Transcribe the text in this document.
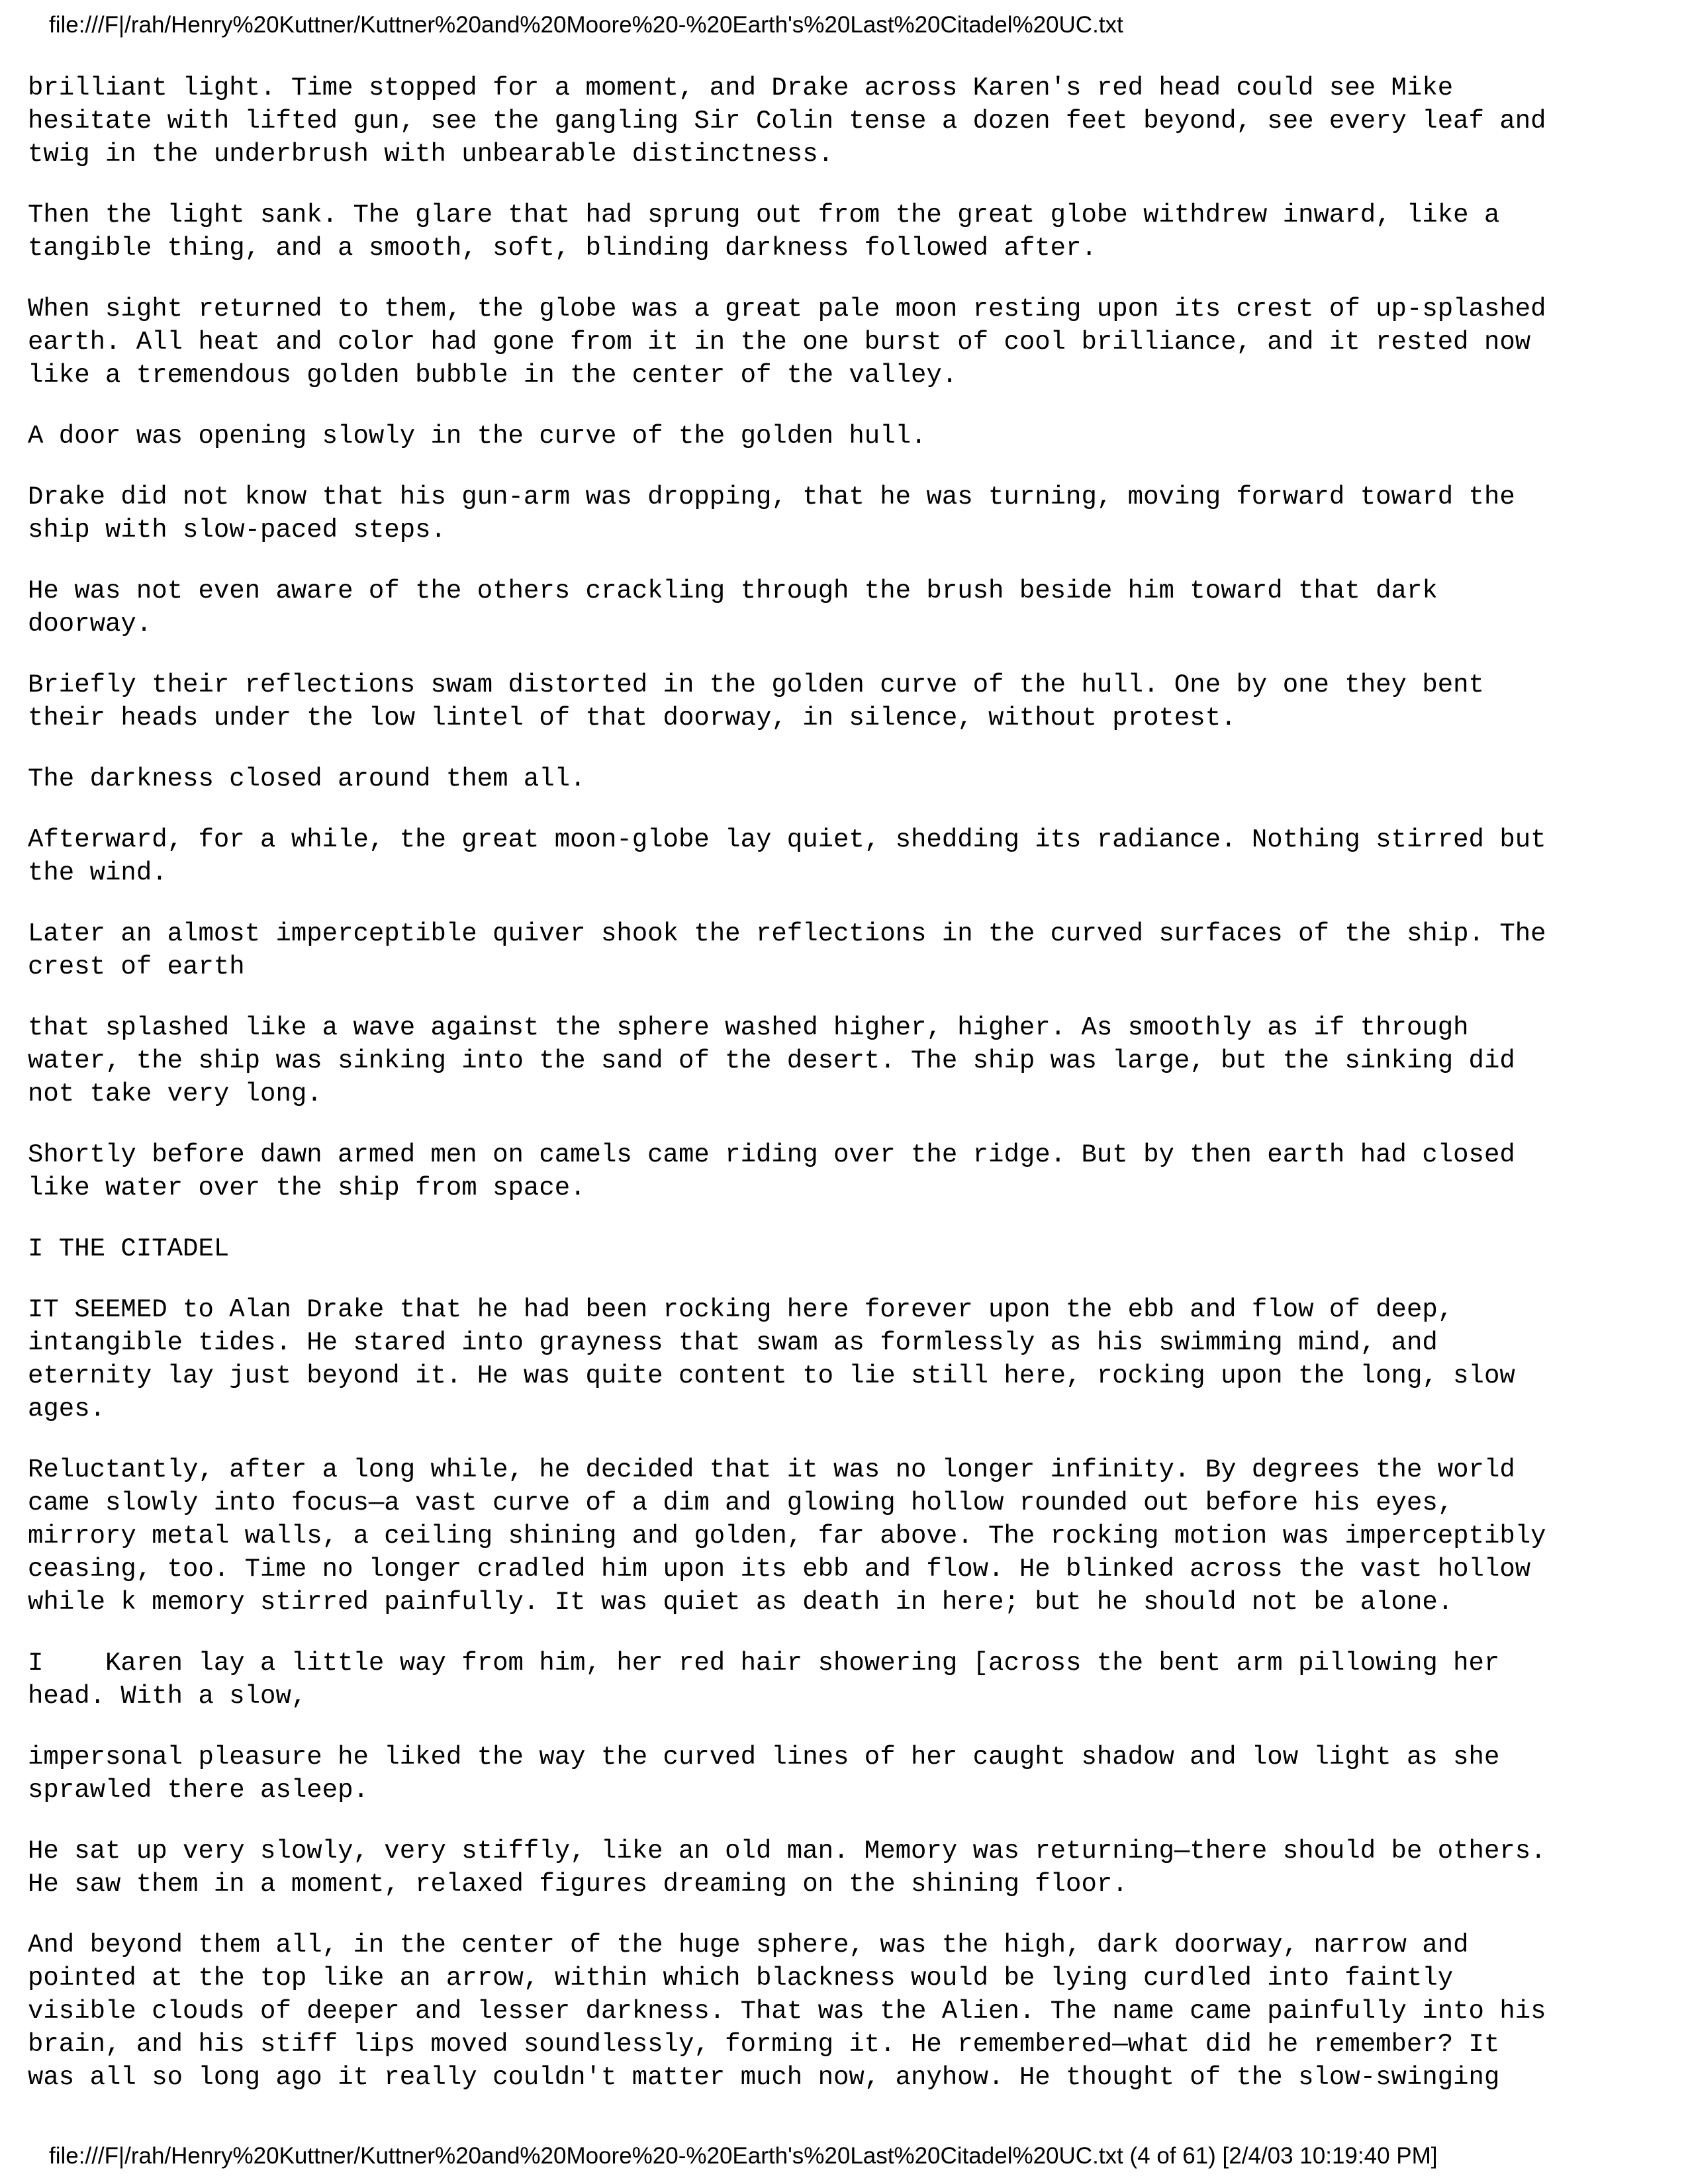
file:///F|/rah/Henry%20Kuttner/Kuttner%20and%20Moore%20-%20Earth's%20Last%20Citadel%20UC.txt

brilliant light. Time stopped for a moment, and Drake across Karen's red head could see Mike
hesitate with lifted gun, see the gangling Sir Colin tense a dozen feet beyond, see every leaf and
twig in the underbrush with unbearable distinctness.

Then the light sank. The glare that had sprung out from the great globe withdrew inward, like a
tangible thing, and a smooth, soft, blinding darkness followed after.

When sight returned to them, the globe was a great pale moon resting upon its crest of up-splashed
earth. All heat and color had gone from it in the one burst of cool brilliance, and it rested now
like a tremendous golden bubble in the center of the valley.

A door was opening slowly in the curve of the golden hull.

Drake did not know that his gun-arm was dropping, that he was turning, moving forward toward the
ship with slow-paced steps.

He was not even aware of the others crackling through the brush beside him toward that dark
doorway.

Briefly their reflections swam distorted in the golden curve of the hull. One by one they bent
their heads under the low lintel of that doorway, in silence, without protest.

The darkness closed around them all.

Afterward, for a while, the great moon-globe lay quiet, shedding its radiance. Nothing stirred but
the wind.

Later an almost imperceptible quiver shook the reflections in the curved surfaces of the ship. The
crest of earth

that splashed like a wave against the sphere washed higher, higher. As smoothly as if through
water, the ship was sinking into the sand of the desert. The ship was large, but the sinking did
not take very long.

Shortly before dawn armed men on camels came riding over the ridge. But by then earth had closed
like water over the ship from space.

I THE CITADEL

IT SEEMED to Alan Drake that he had been rocking here forever upon the ebb and flow of deep,
intangible tides. He stared into grayness that swam as formlessly as his swimming mind, and
eternity lay just beyond it. He was quite content to lie still here, rocking upon the long, slow
ages.

Reluctantly, after a long while, he decided that it was no longer infinity. By degrees the world
came slowly into focus—a vast curve of a dim and glowing hollow rounded out before his eyes,
mirrory metal walls, a ceiling shining and golden, far above. The rocking motion was imperceptibly
ceasing, too. Time no longer cradled him upon its ebb and flow. He blinked across the vast hollow
while k memory stirred painfully. It was quiet as death in here; but he should not be alone.

I    Karen lay a little way from him, her red hair showering [across the bent arm pillowing her
head. With a slow,

impersonal pleasure he liked the way the curved lines of her caught shadow and low light as she
sprawled there asleep.

He sat up very slowly, very stiffly, like an old man. Memory was returning—there should be others.
He saw them in a moment, relaxed figures dreaming on the shining floor.

And beyond them all, in the center of the huge sphere, was the high, dark doorway, narrow and
pointed at the top like an arrow, within which blackness would be lying curdled into faintly
visible clouds of deeper and lesser darkness. That was the Alien. The name came painfully into his
brain, and his stiff lips moved soundlessly, forming it. He remembered—what did he remember? It
was all so long ago it really couldn't matter much now, anyhow. He thought of the slow-swinging

file:///F|/rah/Henry%20Kuttner/Kuttner%20and%20Moore%20-%20Earth's%20Last%20Citadel%20UC.txt (4 of 61) [2/4/03 10:19:40 PM]
